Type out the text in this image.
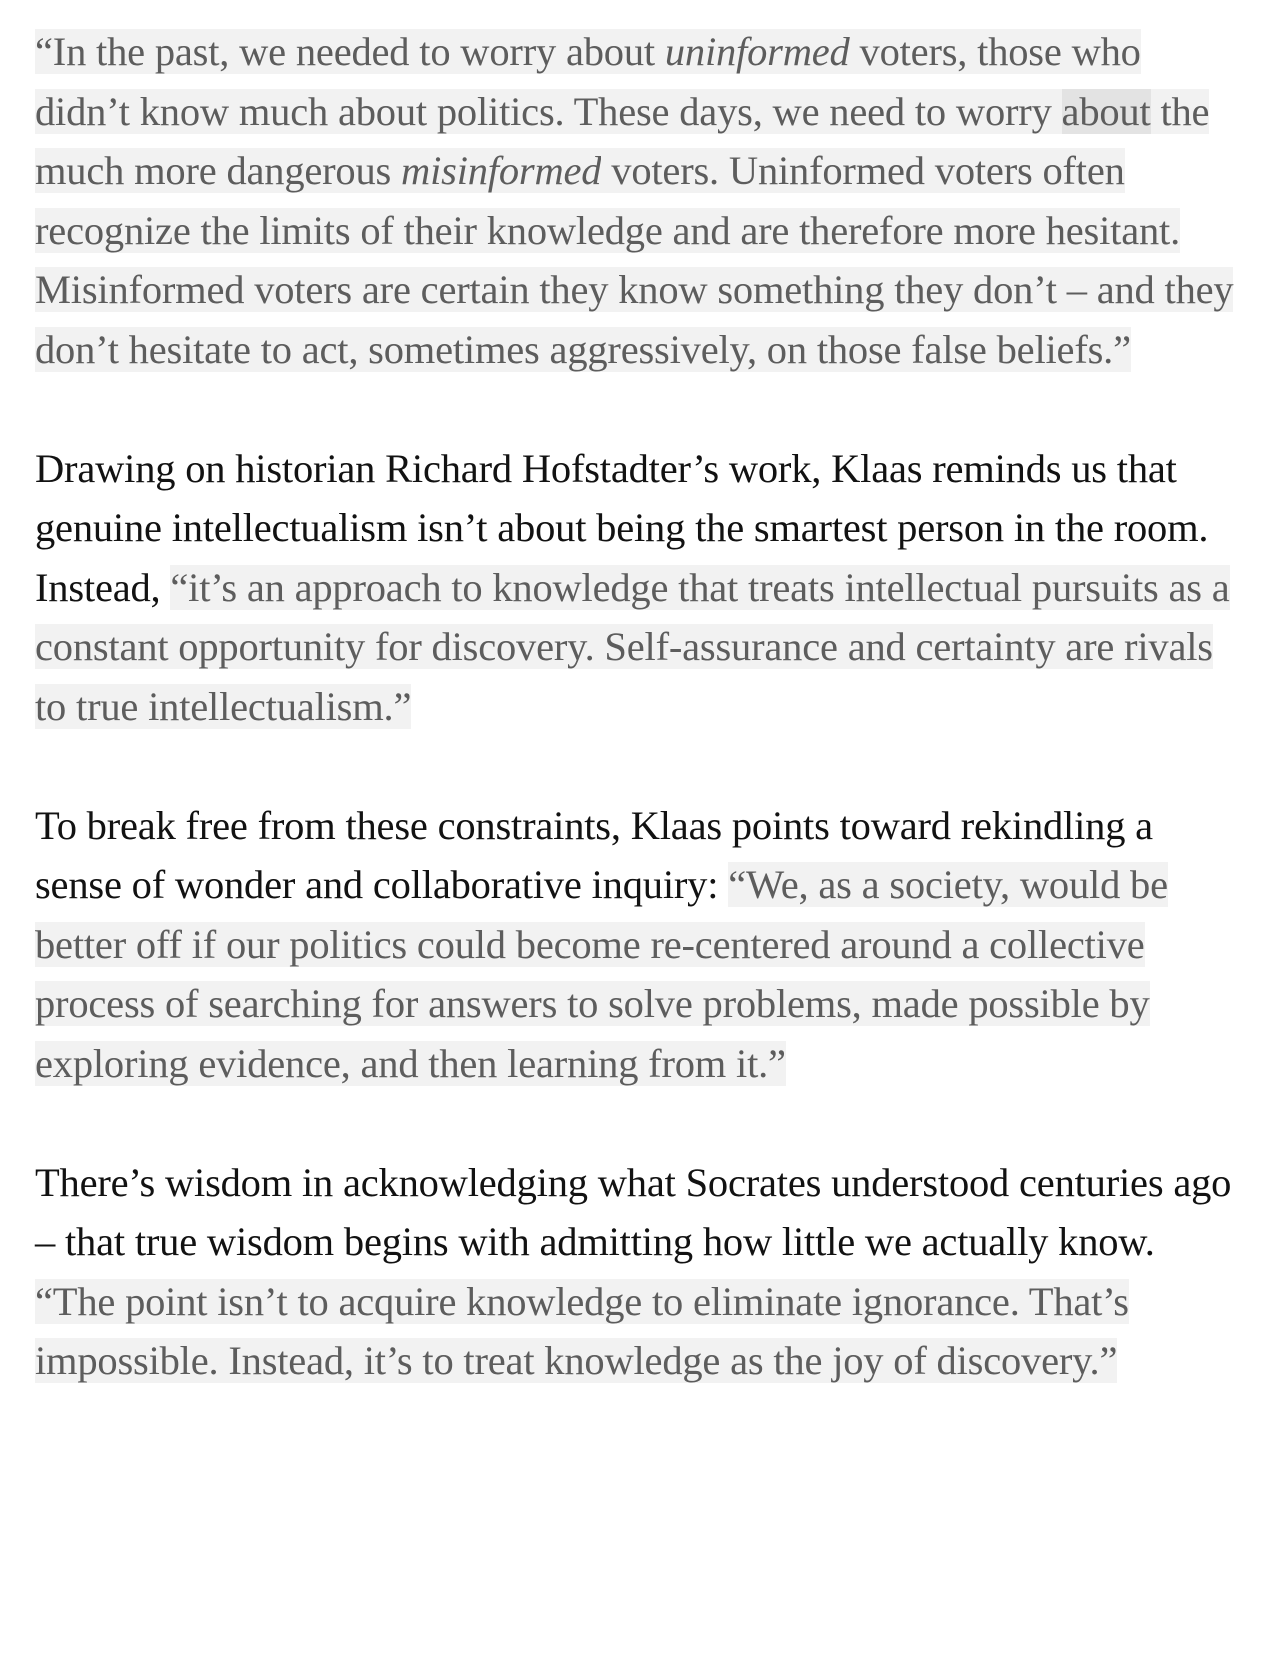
“In the past, we needed to worry about uninformed voters, those who didn’t know much about politics. These days, we need to worry about the much more dangerous misinformed voters. Uninformed voters often recognize the limits of their knowledge and are therefore more hesitant. Misinformed voters are certain they know something they don’t – and they don’t hesitate to act, sometimes aggressively, on those false beliefs.”

Drawing on historian Richard Hofstadter’s work, Klaas reminds us that genuine intellectualism isn’t about being the smartest person in the room. Instead, “it’s an approach to knowledge that treats intellectual pursuits as a constant opportunity for discovery. Self-assurance and certainty are rivals to true intellectualism.”

To break free from these constraints, Klaas points toward rekindling a sense of wonder and collaborative inquiry: “We, as a society, would be better off if our politics could become re-centered around a collective process of searching for answers to solve problems, made possible by exploring evidence, and then learning from it.”

There’s wisdom in acknowledging what Socrates understood centuries ago – that true wisdom begins with admitting how little we actually know. “The point isn’t to acquire knowledge to eliminate ignorance. That’s impossible. Instead, it’s to treat knowledge as the joy of discovery.”
